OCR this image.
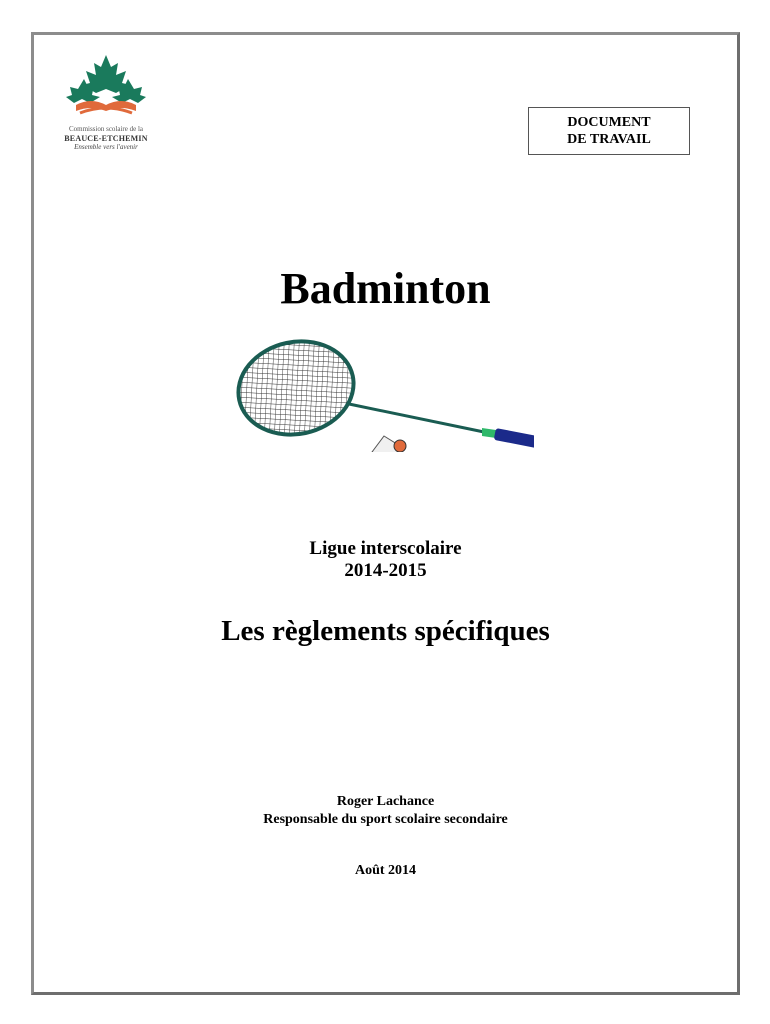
Commission scolaire de la
BEAUCE-ETCHEMIN
Ensemble vers l'avenir
DOCUMENT
DE TRAVAIL
Badminton
Ligue interscolaire
2014-2015
Les règlements spécifiques
Roger Lachance
Responsable du sport scolaire secondaire
Août 2014
